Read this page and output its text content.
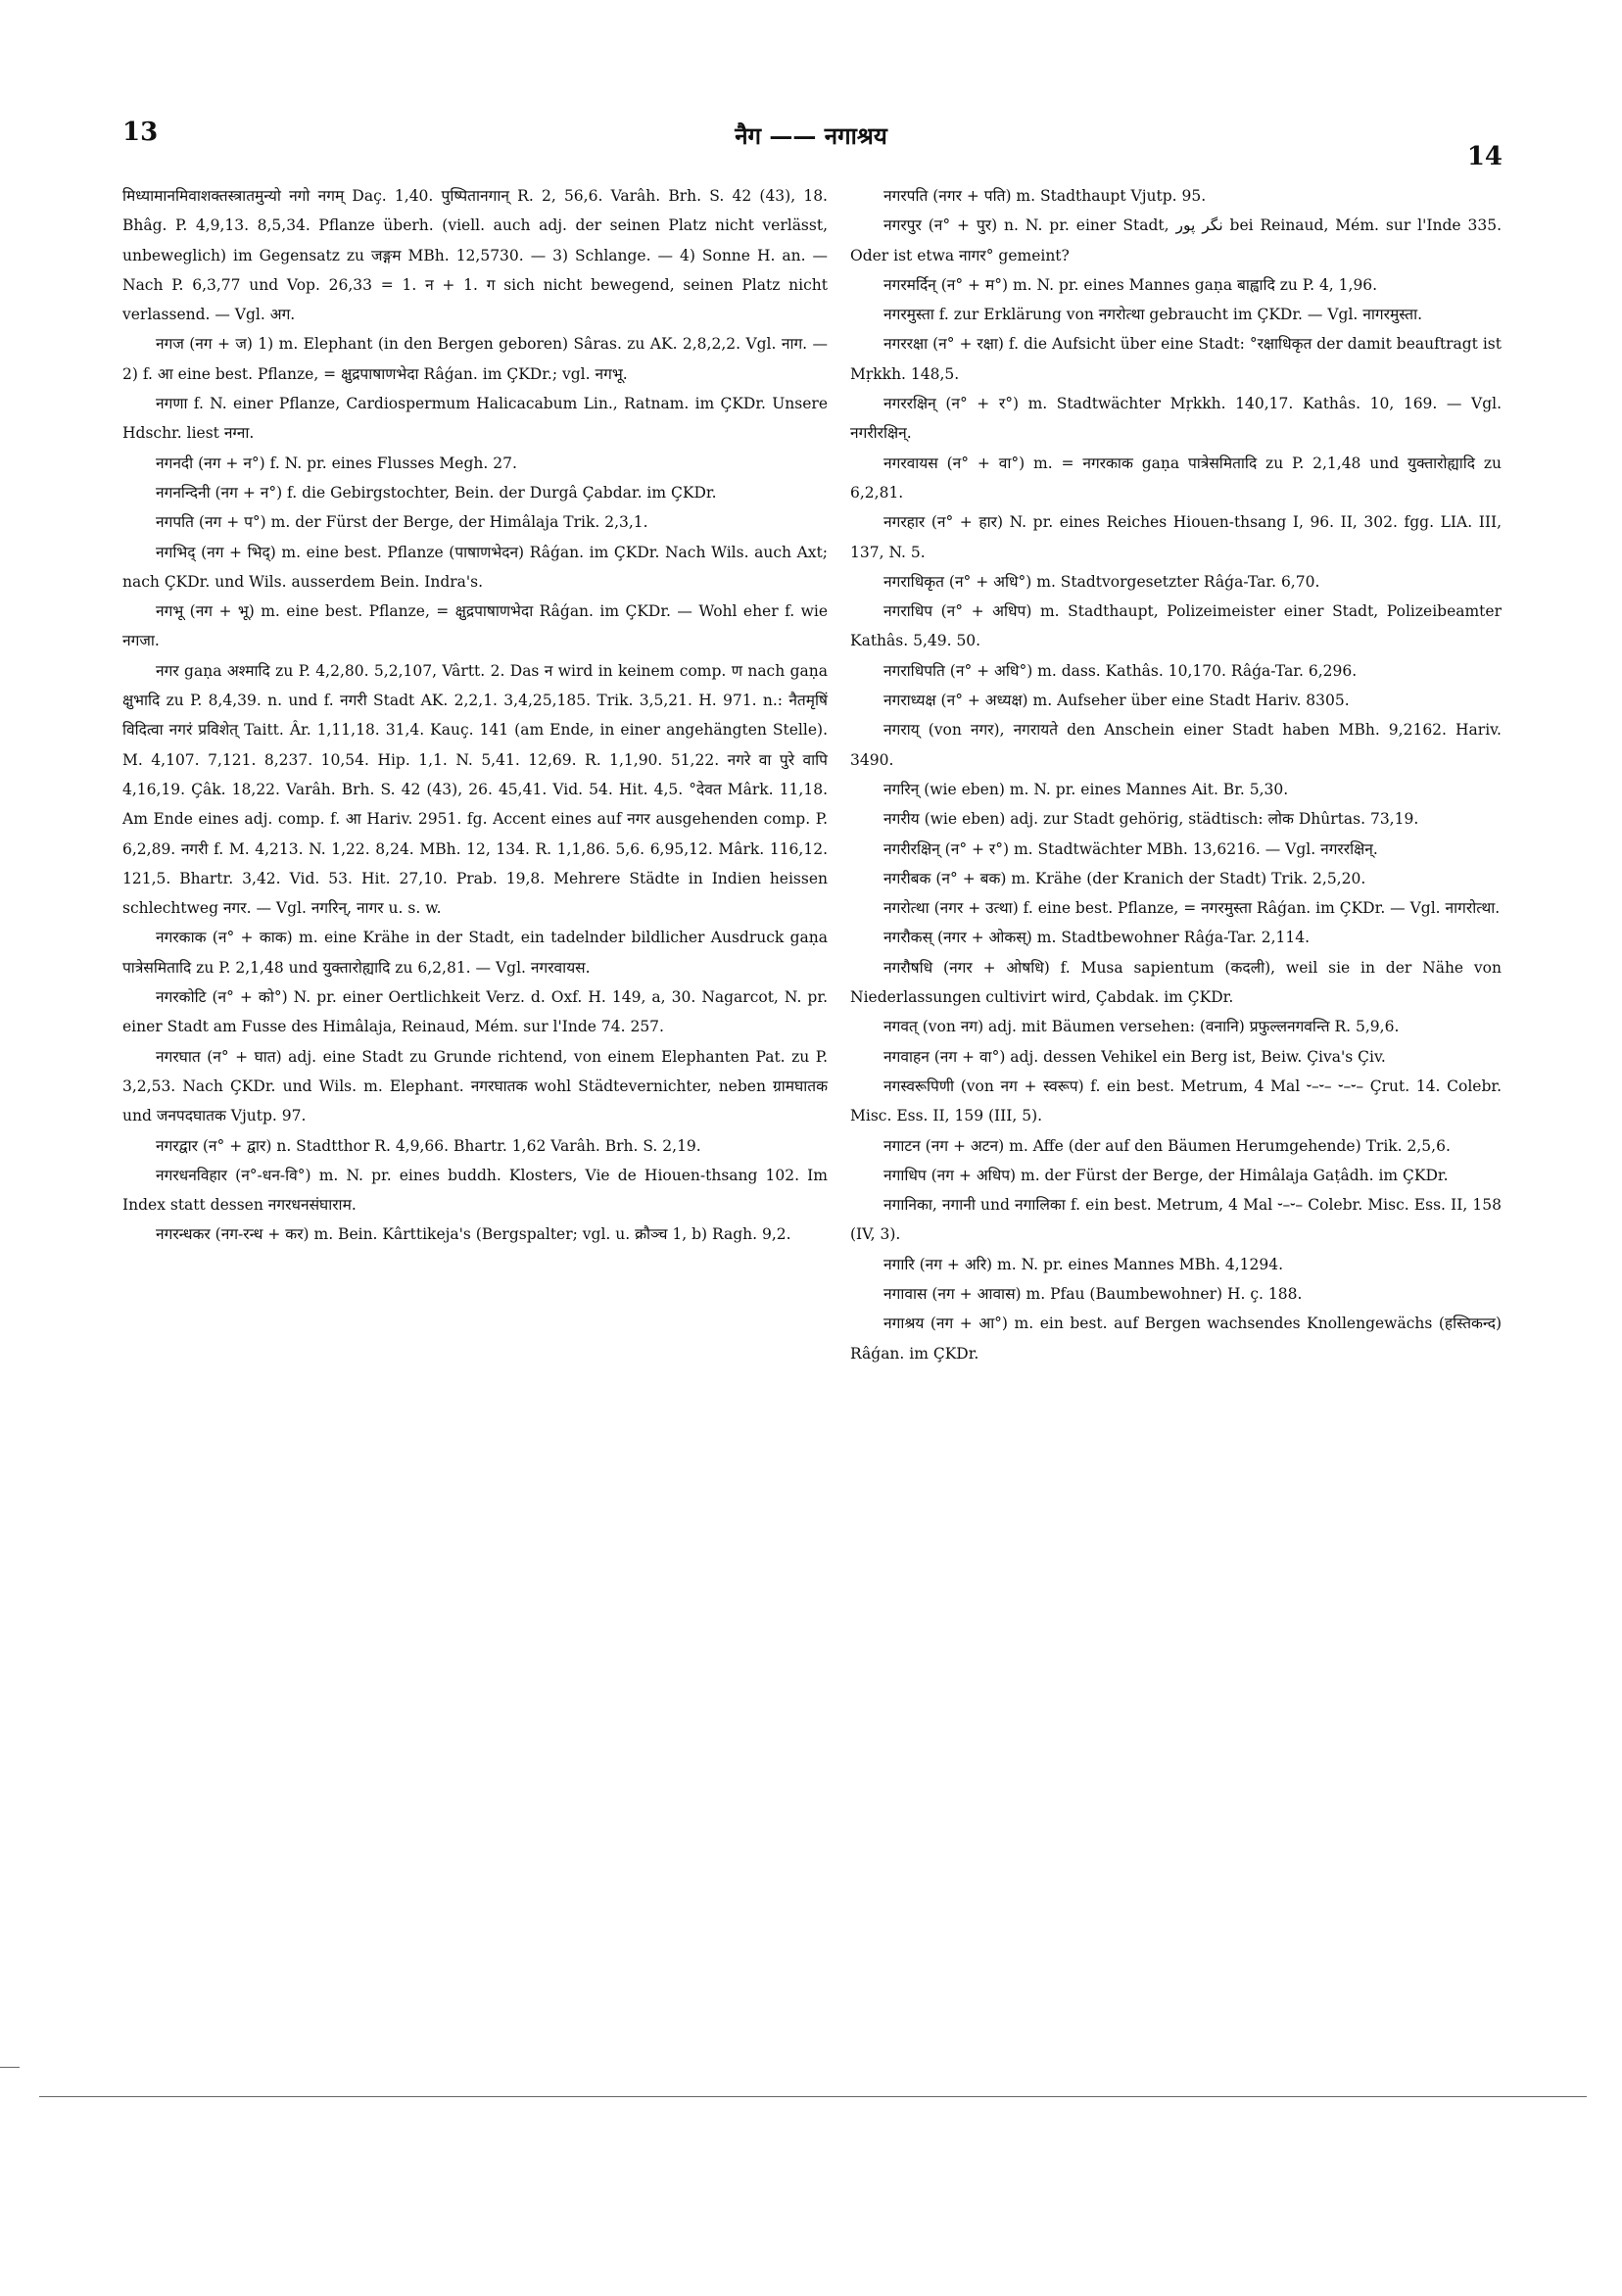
13	नैग —— नगाश्रय
14

मिध्यामानमिवाशक्तस्त्रातमुन्यो नगो नगम् Daç. 1,40. पुष्पितानगान् R. 2, 56,6. Varâh. Brh. S. 42 (43), 18. Bhâg. P. 4,9,13. 8,5,34. Pflanze überh. (viell. auch adj. der seinen Platz nicht verlässt, unbeweglich) im Gegensatz zu जङ्गम MBh. 12,5730. — 3) Schlange. — 4) Sonne H. an. — Nach P. 6,3,77 und Vop. 26,33 = 1. न + 1. ग sich nicht bewegend, seinen Platz nicht verlassend. — Vgl. अग.

नगज (नग + ज) 1) m. Elephant (in den Bergen geboren) Sâras. zu AK. 2,8,2,2. Vgl. नाग. — 2) f. आ eine best. Pflanze, = क्षुद्रपाषाणभेदा Râǵan. im ÇKDr.; vgl. नगभू.

नगणा f. N. einer Pflanze, Cardiospermum Halicacabum Lin., Ratnam. im ÇKDr. Unsere Hdschr. liest नग्ना.

नगनदी (नग + न°) f. N. pr. eines Flusses Megh. 27.

नगनन्दिनी (नग + न°) f. die Gebirgstochter, Bein. der Durgâ Çabdar. im ÇKDr.

नगपति (नग + प°) m. der Fürst der Berge, der Himâlaja Trik. 2,3,1.

नगभिद् (नग + भिद्) m. eine best. Pflanze (पाषाणभेदन) Râǵan. im ÇKDr. Nach Wils. auch Axt; nach ÇKDr. und Wils. ausserdem Bein. Indra's.

नगभू (नग + भू) m. eine best. Pflanze, = क्षुद्रपाषाणभेदा Râǵan. im ÇKDr. — Wohl eher f. wie नगजा.

नगर gaṇa अश्मादि zu P. 4,2,80. 5,2,107, Vârtt. 2. Das न wird in keinem comp. ण nach gaṇa क्षुभादि zu P. 8,4,39. n. und f. नगरी Stadt AK. 2,2,1. 3,4,25,185. Trik. 3,5,21. H. 971. n.: नैतमृषिं विदित्वा नगरं प्रविशेत् Taitt. Âr. 1,11,18. 31,4. Kauç. 141 (am Ende, in einer angehängten Stelle). M. 4,107. 7,121. 8,237. 10,54. Hip. 1,1. N. 5,41. 12,69. R. 1,1,90. 51,22. नगरे वा पुरे वापि 4,16,19. Çâk. 18,22. Varâh. Brh. S. 42 (43), 26. 45,41. Vid. 54. Hit. 4,5. °देवत Mârk. 11,18. Am Ende eines adj. comp. f. आ Hariv. 2951. fg. Accent eines auf नगर ausgehenden comp. P. 6,2,89. नगरी f. M. 4,213. N. 1,22. 8,24. MBh. 12, 134. R. 1,1,86. 5,6. 6,95,12. Mârk. 116,12. 121,5. Bhartr. 3,42. Vid. 53. Hit. 27,10. Prab. 19,8. Mehrere Städte in Indien heissen schlechtweg नगर. — Vgl. नगरिन्, नागर u. s. w.

नगरकाक (न° + काक) m. eine Krähe in der Stadt, ein tadelnder bildlicher Ausdruck gaṇa पात्रेसमितादि zu P. 2,1,48 und युक्तारोह्यादि zu 6,2,81. — Vgl. नगरवायस.

नगरकोटि (न° + को°) N. pr. einer Oertlichkeit Verz. d. Oxf. H. 149, a, 30. Nagarcot, N. pr. einer Stadt am Fusse des Himâlaja, Reinaud, Mém. sur l'Inde 74. 257.

नगरघात (न° + घात) adj. eine Stadt zu Grunde richtend, von einem Elephanten Pat. zu P. 3,2,53. Nach ÇKDr. und Wils. m. Elephant. नगरघातक wohl Städtevernichter, neben ग्रामघातक und जनपदघातक Vjutp. 97.

नगरद्वार (न° + द्वार) n. Stadtthor R. 4,9,66. Bhartr. 1,62 Varâh. Brh. S. 2,19.

नगरधनविहार (न°-धन-वि°) m. N. pr. eines buddh. Klosters, Vie de Hiouen-thsang 102. Im Index statt dessen नगरधनसंघाराम.

नगरन्धकर (नग-रन्ध + कर) m. Bein. Kârttikeja's (Bergspalter; vgl. u. क्रौञ्च 1, b) Ragh. 9,2.

नगरपति (नगर + पति) m. Stadthaupt Vjutp. 95.

नगरपुर (न° + पुर) n. N. pr. einer Stadt, نگر پور bei Reinaud, Mém. sur l'Inde 335. Oder ist etwa नागर° gemeint?

नगरमर्दिन् (न° + म°) m. N. pr. eines Mannes gaṇa बाह्वादि zu P. 4, 1,96.

नगरमुस्ता f. zur Erklärung von नगरोत्था gebraucht im ÇKDr. — Vgl. नागरमुस्ता.

नगररक्षा (न° + रक्षा) f. die Aufsicht über eine Stadt: °रक्षाधिकृत der damit beauftragt ist Mṛkkh. 148,5.

नगररक्षिन् (न° + र°) m. Stadtwächter Mṛkkh. 140,17. Kathâs. 10, 169. — Vgl. नगरीरक्षिन्.

नगरवायस (न° + वा°) m. = नगरकाक gaṇa पात्रेसमितादि zu P. 2,1,48 und युक्तारोह्यादि zu 6,2,81.

नगरहार (न° + हार) N. pr. eines Reiches Hiouen-thsang I, 96. II, 302. fgg. LIA. III, 137, N. 5.

नगराधिकृत (न° + अधि°) m. Stadtvorgesetzter Râǵa-Tar. 6,70.

नगराधिप (न° + अधिप) m. Stadthaupt, Polizeimeister einer Stadt, Polizeibeamter Kathâs. 5,49. 50.

नगराधिपति (न° + अधि°) m. dass. Kathâs. 10,170. Râǵa-Tar. 6,296.

नगराध्यक्ष (न° + अध्यक्ष) m. Aufseher über eine Stadt Hariv. 8305.

नगराय् (von नगर), नगरायते den Anschein einer Stadt haben MBh. 9,2162. Hariv. 3490.

नगरिन् (wie eben) m. N. pr. eines Mannes Ait. Br. 5,30.

नगरीय (wie eben) adj. zur Stadt gehörig, städtisch: लोक Dhûrtas. 73,19.

नगरीरक्षिन् (न° + र°) m. Stadtwächter MBh. 13,6216. — Vgl. नगररक्षिन्.

नगरीबक (न° + बक) m. Krähe (der Kranich der Stadt) Trik. 2,5,20.

नगरोत्था (नगर + उत्था) f. eine best. Pflanze, = नगरमुस्ता Râǵan. im ÇKDr. — Vgl. नागरोत्था.

नगरौकस् (नगर + ओकस्) m. Stadtbewohner Râǵa-Tar. 2,114.

नगरौषधि (नगर + ओषधि) f. Musa sapientum (कदली), weil sie in der Nähe von Niederlassungen cultivirt wird, Çabdak. im ÇKDr.

नगवत् (von नग) adj. mit Bäumen versehen: (वनानि) प्रफुल्लनगवन्ति R. 5,9,6.

नगवाहन (नग + वा°) adj. dessen Vehikel ein Berg ist, Beiw. Çiva's Çiv.

नगस्वरूपिणी (von नग + स्वरूप) f. ein best. Metrum, 4 Mal ⏑–⏑– ⏑–⏑– Çrut. 14. Colebr. Misc. Ess. II, 159 (III, 5).

नगाटन (नग + अटन) m. Affe (der auf den Bäumen Herumgehende) Trik. 2,5,6.

नगाधिप (नग + अधिप) m. der Fürst der Berge, der Himâlaja Gaṭâdh. im ÇKDr.

नगानिका, नगानी und नगालिका f. ein best. Metrum, 4 Mal ⏑–⏑– Colebr. Misc. Ess. II, 158 (IV, 3).

नगारि (नग + अरि) m. N. pr. eines Mannes MBh. 4,1294.

नगावास (नग + आवास) m. Pfau (Baumbewohner) H. ç. 188.

नगाश्रय (नग + आ°) m. ein best. auf Bergen wachsendes Knollengewächs (हस्तिकन्द) Râǵan. im ÇKDr.
